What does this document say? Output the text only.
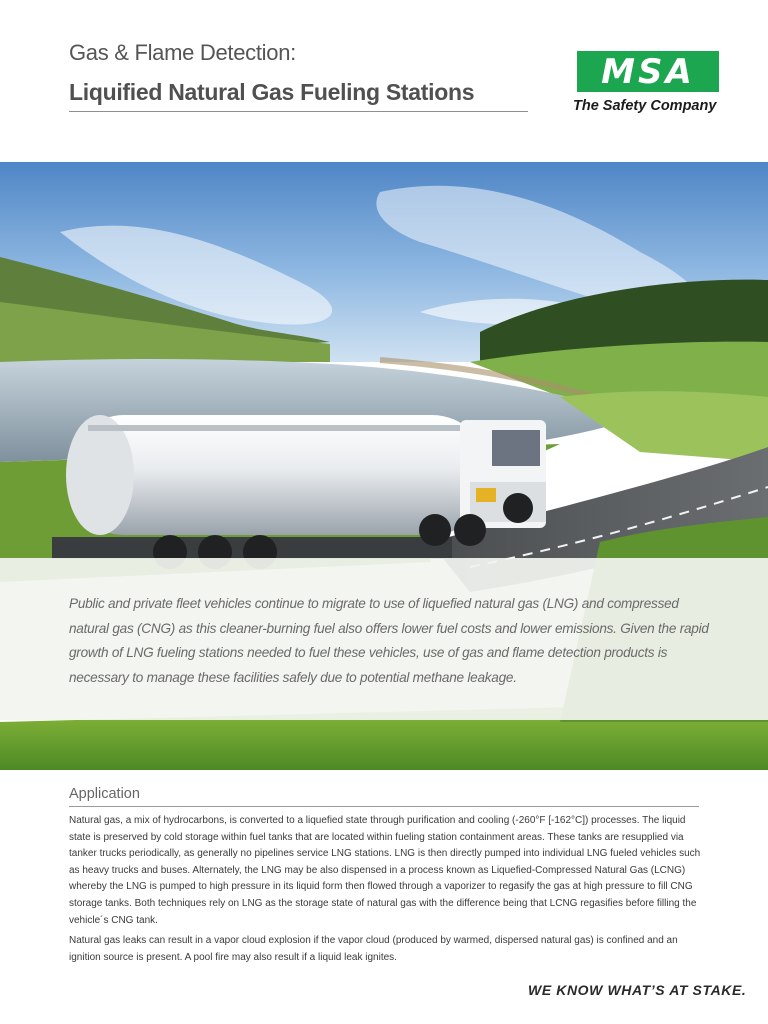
Gas & Flame Detection:
Liquified Natural Gas Fueling Stations
MSA
The Safety Company
Public and private fleet vehicles continue to migrate to use of liquefied natural gas (LNG) and compressed natural gas (CNG) as this cleaner-burning fuel also offers lower fuel costs and lower emissions. Given the rapid growth of LNG fueling stations needed to fuel these vehicles, use of gas and flame detection products is necessary to manage these facilities safely due to potential methane leakage.
Application

Natural gas, a mix of hydrocarbons, is converted to a liquefied state through purification and cooling (-260°F [-162°C]) processes. The liquid state is preserved by cold storage within fuel tanks that are located within fueling station containment areas. These tanks are resupplied via tanker trucks periodically, as generally no pipelines service LNG stations. LNG is then directly pumped into individual LNG fueled vehicles such as heavy trucks and buses. Alternately, the LNG may be also dispensed in a process known as Liquefied-Compressed Natural Gas (LCNG) whereby the LNG is pumped to high pressure in its liquid form then flowed through a vaporizer to regasify the gas at high pressure to fill CNG storage tanks. Both techniques rely on LNG as the storage state of natural gas with the difference being that LCNG regasifies before filling the vehicle´s CNG tank.

Natural gas leaks can result in a vapor cloud explosion if the vapor cloud (produced by warmed, dispersed natural gas) is confined and an ignition source is present. A pool fire may also result if a liquid leak ignites.

WE KNOW WHAT’S AT STAKE.
